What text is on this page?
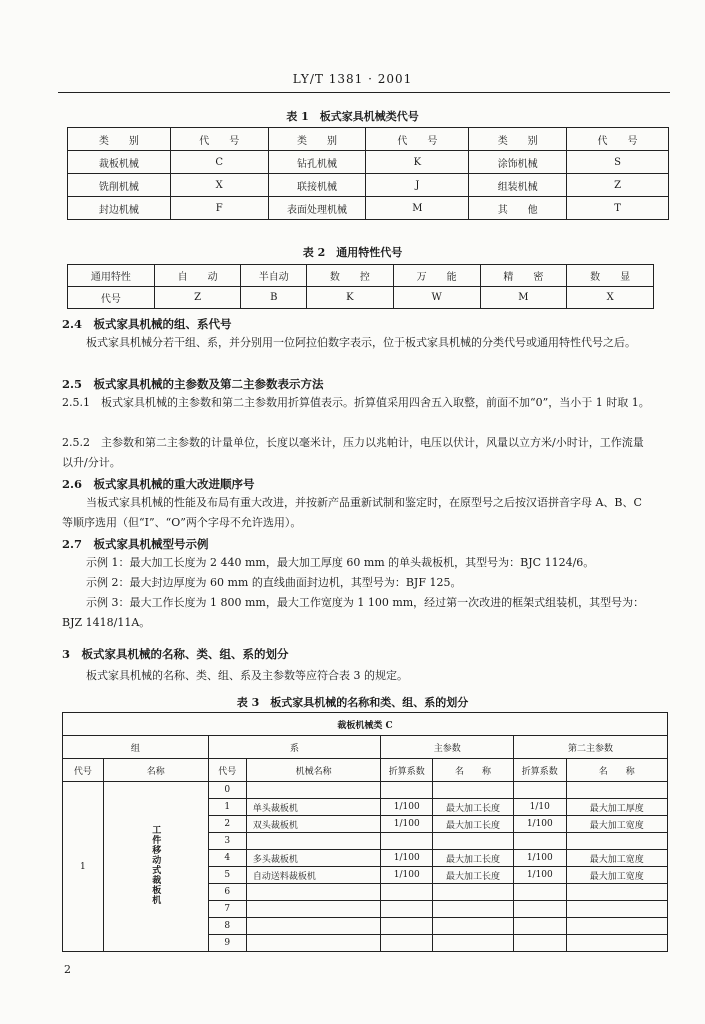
LY/T 1381 · 2001
表 1　板式家具机械类代号
类　　别	代　　号	类　　别	代　　号	类　　别	代　　号
裁板机械	C	钻孔机械	K	涂饰机械	S
铣削机械	X	联接机械	J	组装机械	Z
封边机械	F	表面处理机械	M	其　　他	T
表 2　通用特性代号
通用特性	自　　动	半自动	数　　控	万　　能	精　　密	数　　显
代号	Z	B	K	W	M	X
2.4　板式家具机械的组、系代号
板式家具机械分若干组、系，并分别用一位阿拉伯数字表示，位于板式家具机械的分类代号或通用特性代号之后。
2.5　板式家具机械的主参数及第二主参数表示方法
2.5.1　板式家具机械的主参数和第二主参数用折算值表示。折算值采用四舍五入取整，前面不加“0”，当小于 1 时取 1。
2.5.2　主参数和第二主参数的计量单位，长度以毫米计，压力以兆帕计，电压以伏计，风量以立方米/小时计，工作流量以升/分计。
2.6　板式家具机械的重大改进顺序号
当板式家具机械的性能及布局有重大改进，并按新产品重新试制和鉴定时，在原型号之后按汉语拼音字母 A、B、C 等顺序选用（但“I”、“O”两个字母不允许选用）。
2.7　板式家具机械型号示例
示例 1：最大加工长度为 2 440 mm，最大加工厚度 60 mm 的单头裁板机，其型号为：BJC 1124/6。
示例 2：最大封边厚度为 60 mm 的直线曲面封边机，其型号为：BJF 125。
示例 3：最大工作长度为 1 800 mm，最大工作宽度为 1 100 mm，经过第一次改进的框架式组装机，其型号为：BJZ 1418/11A。
3　板式家具机械的名称、类、组、系的划分
板式家具机械的名称、类、组、系及主参数等应符合表 3 的规定。
表 3　板式家具机械的名称和类、组、系的划分
裁板机械类 C							
组		系		主参数		第二主参数	
代号	名称	代号	机械名称	折算系数	名　　称	折算系数	名　　称
1	工件移动式裁板机	0					
		1	单头裁板机	1/100	最大加工长度	1/10	最大加工厚度
		2	双头裁板机	1/100	最大加工长度	1/100	最大加工宽度
		3					
		4	多头裁板机	1/100	最大加工长度	1/100	最大加工宽度
		5	自动送料裁板机	1/100	最大加工长度	1/100	最大加工宽度
		6					
		7					
		8					
		9					
2
